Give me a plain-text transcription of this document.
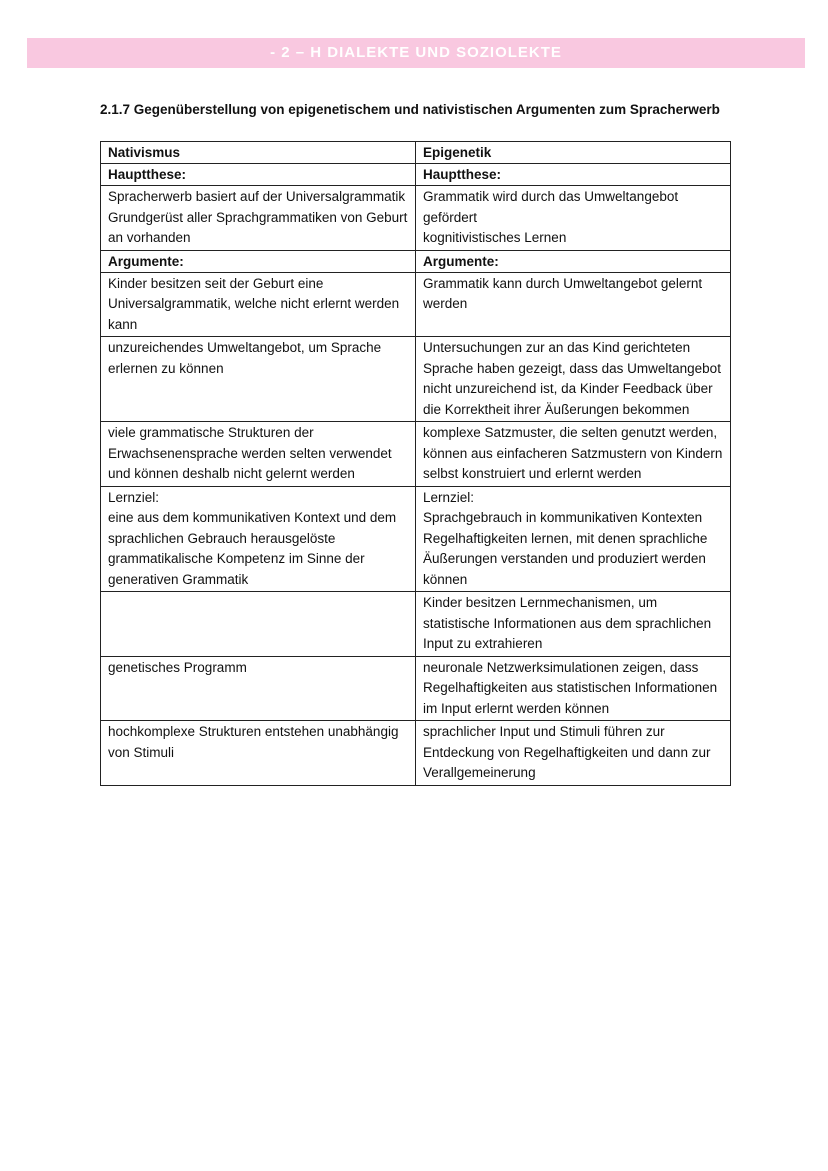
- 2 – H DIALEKTE UND SOZIOLEKTE
2.1.7 Gegenüberstellung von epigenetischem und nativistischen Argumenten zum Spracherwerb
Nativismus	Epigenetik
Hauptthese:	Hauptthese:

Spracherwerb basiert auf der Universalgrammatik
Grundgerüst aller Sprachgrammatiken von Geburt an vorhanden	Grammatik wird durch das Umweltangebot gefördert
kognitivistisches Lernen

Argumente:	Argumente:
Kinder besitzen seit der Geburt eine Universalgrammatik, welche nicht erlernt werden kann	Grammatik kann durch Umweltangebot gelernt werden
unzureichendes Umweltangebot, um Sprache erlernen zu können	Untersuchungen zur an das Kind gerichteten Sprache haben gezeigt, dass das Umweltangebot nicht unzureichend ist, da Kinder Feedback über die Korrektheit ihrer Äußerungen bekommen
viele grammatische Strukturen der Erwachsenensprache werden selten verwendet und können deshalb nicht gelernt werden	komplexe Satzmuster, die selten genutzt werden, können aus einfacheren Satzmustern von Kindern selbst konstruiert und erlernt werden

Lernziel:
eine aus dem kommunikativen Kontext und dem sprachlichen Gebrauch herausgelöste grammatikalische Kompetenz im Sinne der generativen Grammatik	Lernziel:
Sprachgebrauch in kommunikativen Kontexten
Regelhaftigkeiten lernen, mit denen sprachliche Äußerungen verstanden und produziert werden können

	Kinder besitzen Lernmechanismen, um statistische Informationen aus dem sprachlichen Input zu extrahieren
genetisches Programm	neuronale Netzwerksimulationen zeigen, dass Regelhaftigkeiten aus statistischen Informationen im Input erlernt werden können
hochkomplexe Strukturen entstehen unabhängig von Stimuli	sprachlicher Input und Stimuli führen zur Entdeckung von Regelhaftigkeiten und dann zur Verallgemeinerung
